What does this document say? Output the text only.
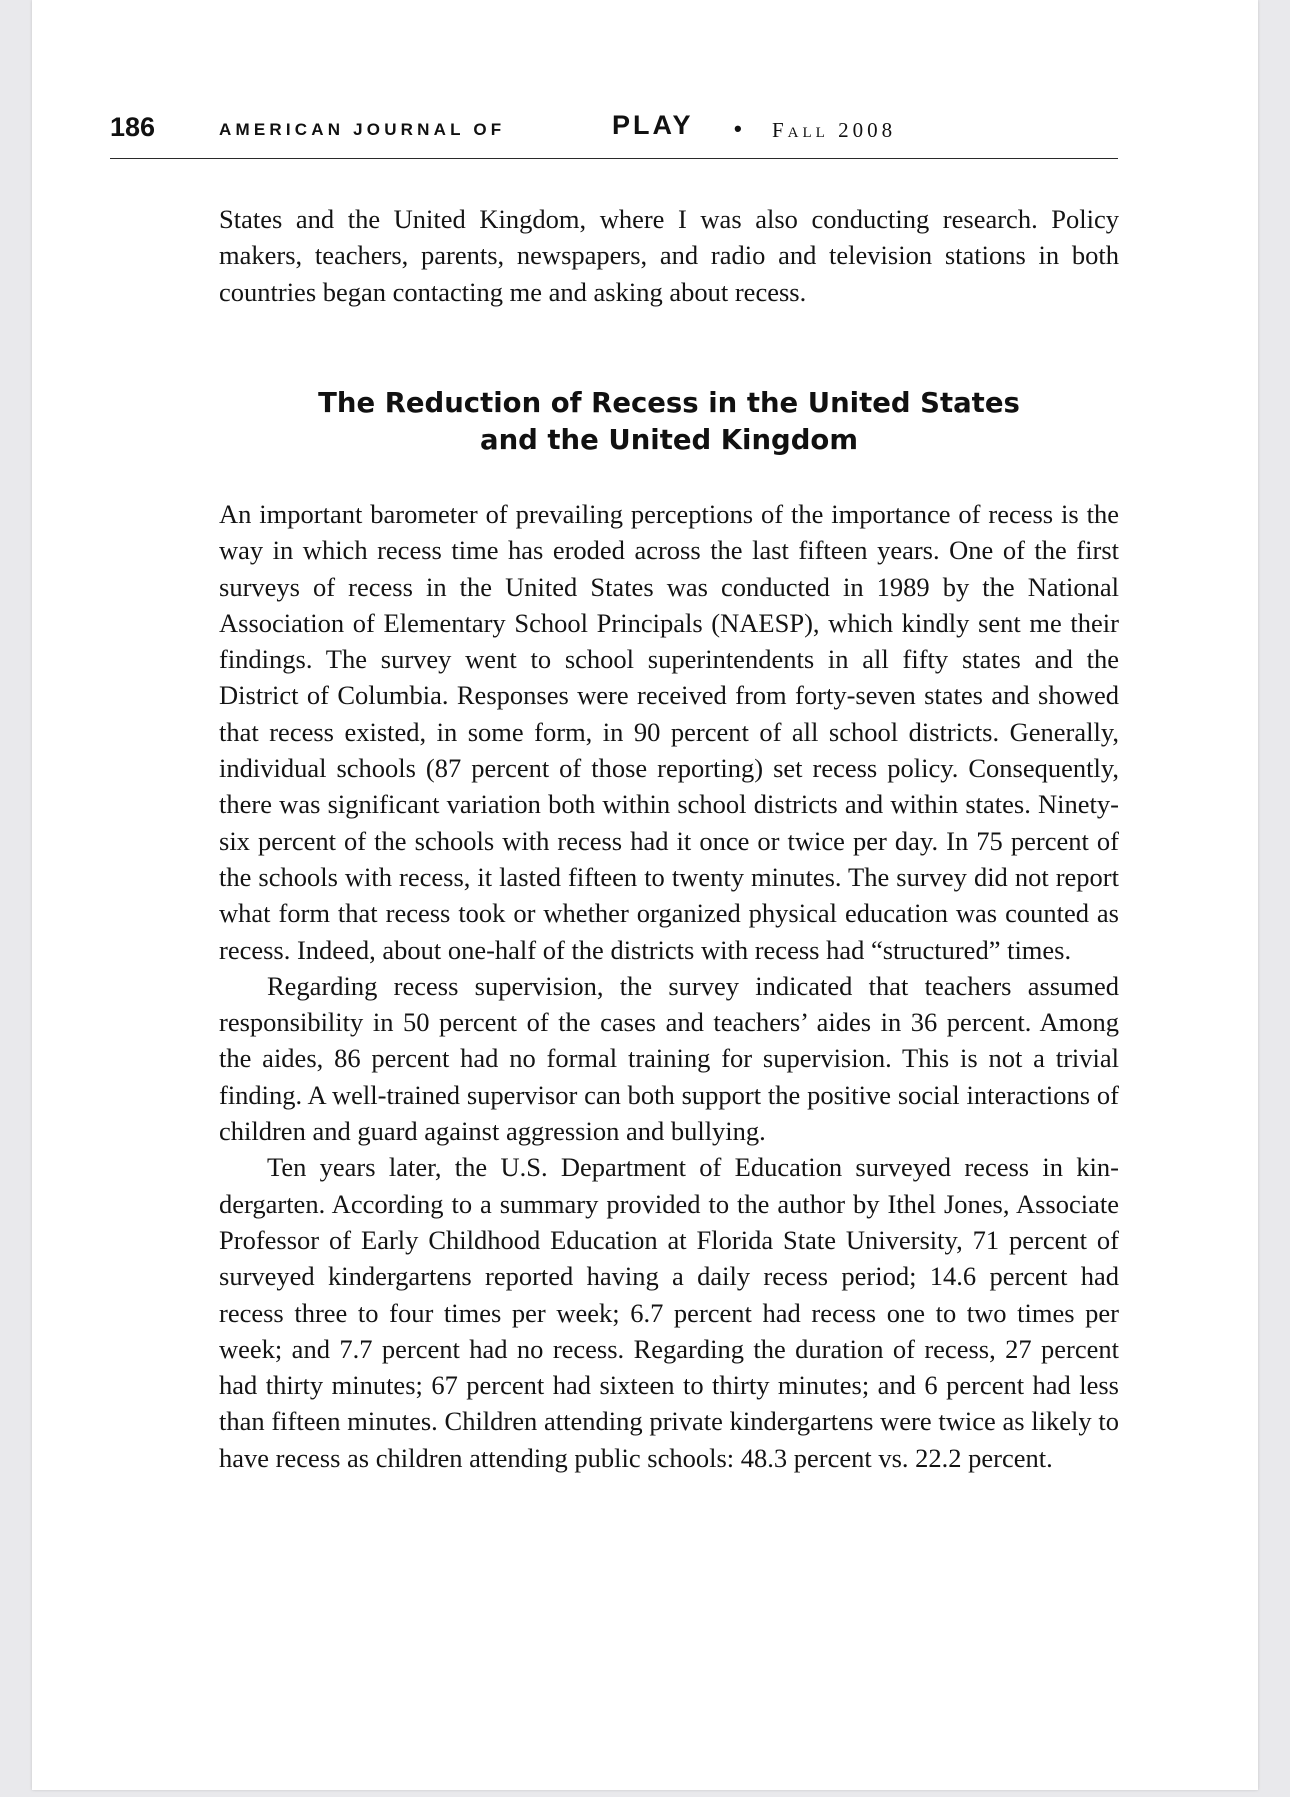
186	AMERICAN JOURNAL OF	PLAY • Fall 2008

States and the United Kingdom, where I was also conducting research. Policy makers, teachers, parents, newspapers, and radio and television stations in both countries began contacting me and asking about recess.

The Reduction of Recess in the United States
and the United Kingdom

An important barometer of prevailing perceptions of the importance of recess is the way in which recess time has eroded across the last fifteen years. One of the first surveys of recess in the United States was conducted in 1989 by the National Association of Elementary School Principals (NAESP), which kindly sent me their findings. The survey went to school superintendents in all fifty states and the District of Columbia. Responses were received from forty-seven states and showed that recess existed, in some form, in 90 percent of all school districts. Generally, individual schools (87 percent of those reporting) set recess policy. Consequently, there was significant variation both within school districts and within states. Ninety-six percent of the schools with recess had it once or twice per day. In 75 percent of the schools with recess, it lasted fifteen to twenty minutes. The survey did not report what form that recess took or whether organized physical education was counted as recess. Indeed, about one-half of the districts with recess had “structured” times.

Regarding recess supervision, the survey indicated that teachers assumed responsibility in 50 percent of the cases and teachers’ aides in 36 percent. Among the aides, 86 percent had no formal training for supervision. This is not a trivial finding. A well-trained supervisor can both support the positive social interactions of children and guard against aggression and bullying.

Ten years later, the U.S. Department of Education surveyed recess in kindergarten. According to a summary provided to the author by Ithel Jones, Associate Professor of Early Childhood Education at Florida State University, 71 percent of surveyed kindergartens reported having a daily recess period; 14.6 percent had recess three to four times per week; 6.7 percent had recess one to two times per week; and 7.7 percent had no recess. Regarding the duration of recess, 27 percent had thirty minutes; 67 percent had sixteen to thirty minutes; and 6 percent had less than fifteen minutes. Children attending private kindergartens were twice as likely to have recess as children attending public schools: 48.3 percent vs. 22.2 percent.
